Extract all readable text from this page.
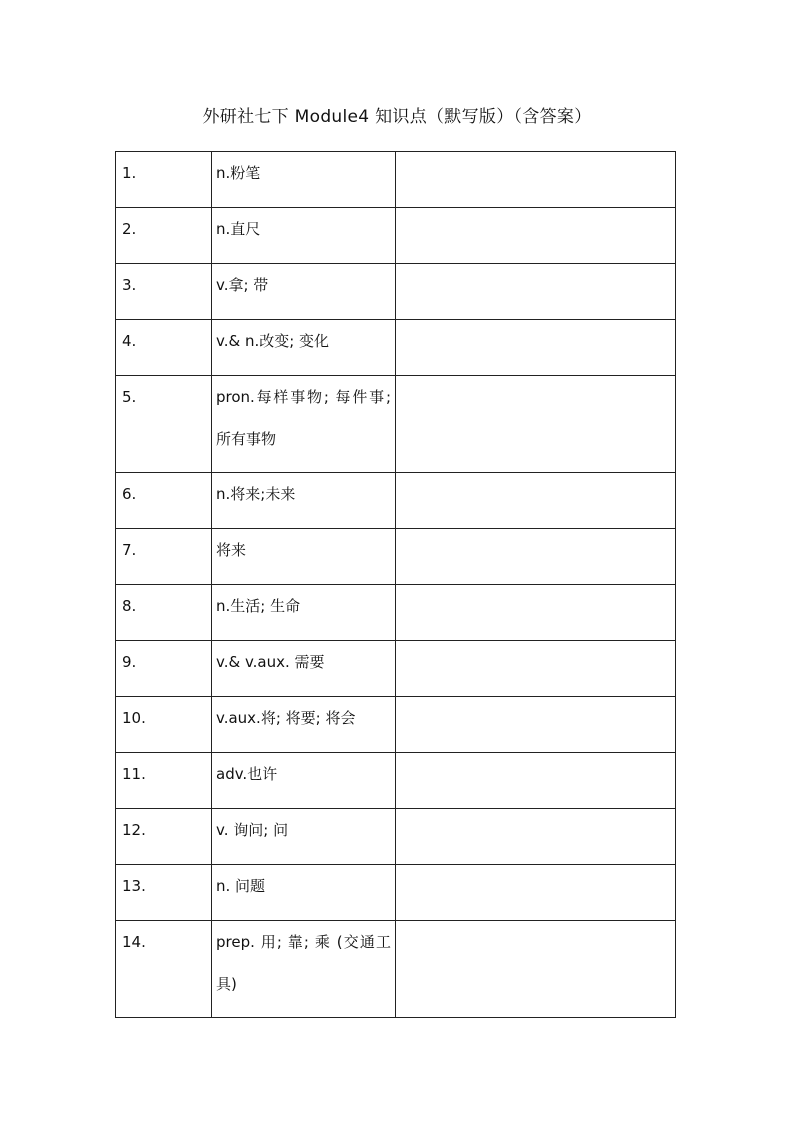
外研社七下 Module4 知识点（默写版）（含答案）
1.	n.粉笔	

2.	n.直尺	

3.	v.拿; 带	

4.	v.& n.改变; 变化	

5.	pron.每样事物; 每件事; 所有事物	

6.	n.将来;未来	

7.	将来	

8.	n.生活; 生命	

9.	v.& v.aux. 需要	

10.	v.aux.将; 将要; 将会	

11.	adv.也许	

12.	v. 询问; 问	

13.	n. 问题	

14.	prep. 用; 靠; 乘 (交通工具)	
